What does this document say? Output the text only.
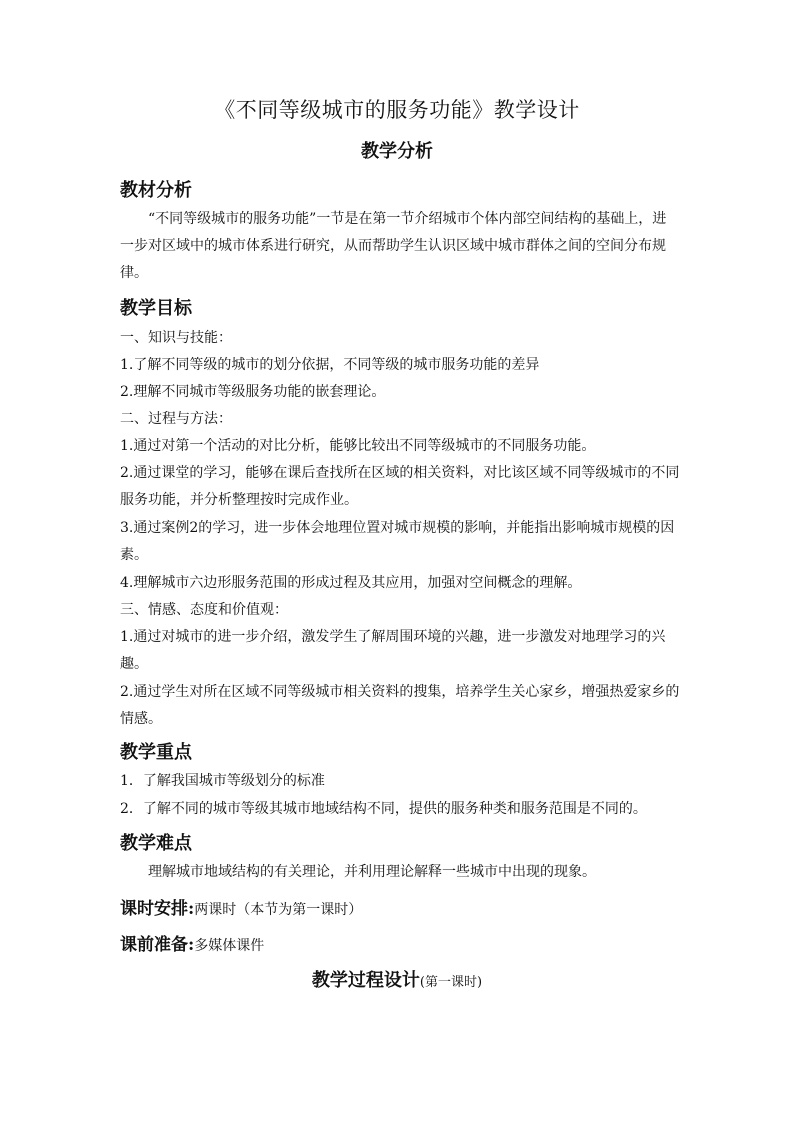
《不同等级城市的服务功能》教学设计
教学分析
教材分析

“不同等级城市的服务功能”一节是在第一节介绍城市个体内部空间结构的基础上，进一步对区域中的城市体系进行研究，从而帮助学生认识区域中城市群体之间的空间分布规律。

教学目标

一、知识与技能：

1.了解不同等级的城市的划分依据，不同等级的城市服务功能的差异

2.理解不同城市等级服务功能的嵌套理论。

二、过程与方法：

1.通过对第一个活动的对比分析，能够比较出不同等级城市的不同服务功能。

2.通过课堂的学习，能够在课后查找所在区域的相关资料，对比该区域不同等级城市的不同服务功能，并分析整理按时完成作业。

3.通过案例2的学习，进一步体会地理位置对城市规模的影响，并能指出影响城市规模的因素。

4.理解城市六边形服务范围的形成过程及其应用，加强对空间概念的理解。

三、情感、态度和价值观：

1.通过对城市的进一步介绍，激发学生了解周围环境的兴趣，进一步激发对地理学习的兴趣。

2.通过学生对所在区域不同等级城市相关资料的搜集，培养学生关心家乡，增强热爱家乡的情感。

教学重点

1．了解我国城市等级划分的标准

2．了解不同的城市等级其城市地域结构不同，提供的服务种类和服务范围是不同的。

教学难点

理解城市地域结构的有关理论，并利用理论解释一些城市中出现的现象。

课时安排:两课时（本节为第一课时）
课前准备:多媒体课件
教学过程设计(第一课时)
